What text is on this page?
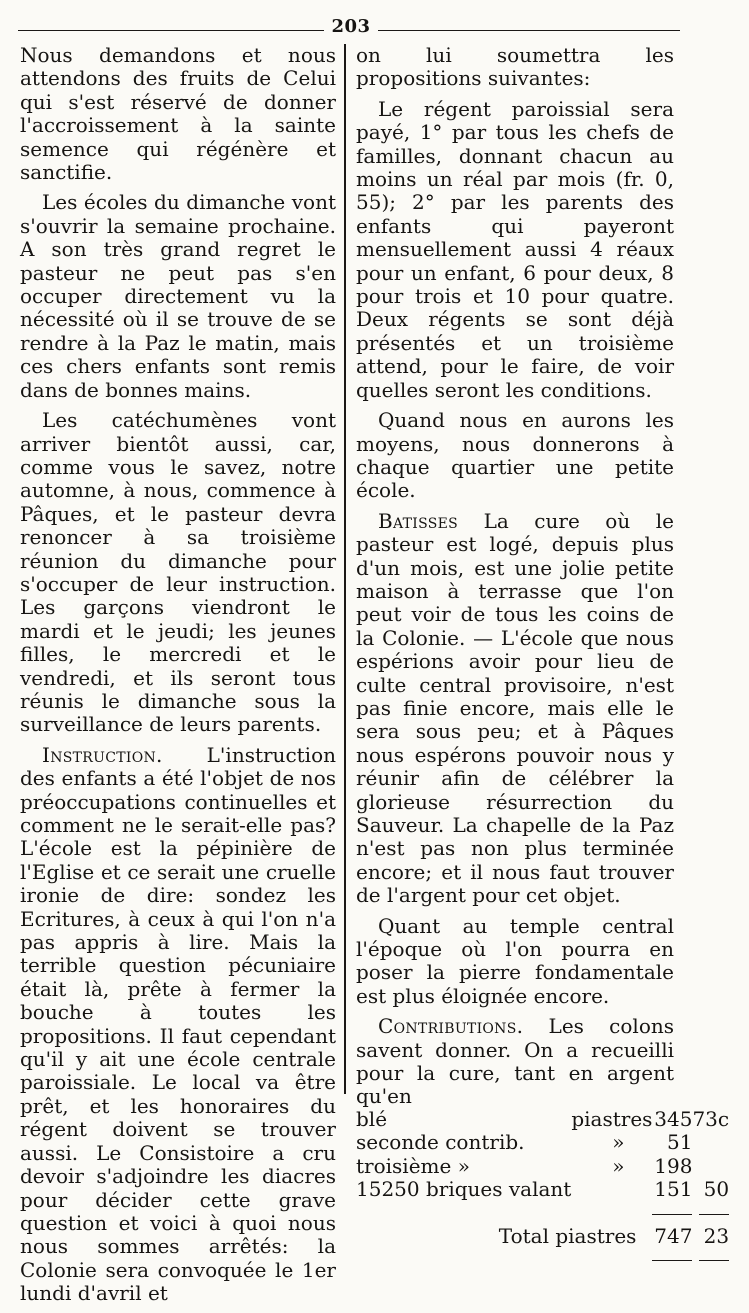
203

Nous demandons et nous attendons des fruits de Celui qui s'est réservé de donner l'accroissement à la sainte semence qui régénère et sanctifie.

Les écoles du dimanche vont s'ouvrir la semaine prochaine. A son très grand regret le pasteur ne peut pas s'en occuper directement vu la nécessité où il se trouve de se rendre à la Paz le matin, mais ces chers enfants sont remis dans de bonnes mains.

Les catéchumènes vont arriver bientôt aussi, car, comme vous le savez, notre automne, à nous, commence à Pâques, et le pasteur devra renoncer à sa troisième réunion du dimanche pour s'occuper de leur instruction. Les garçons viendront le mardi et le jeudi; les jeunes filles, le mercredi et le vendredi, et ils seront tous réunis le dimanche sous la surveillance de leurs parents.

Instruction. L'instruction des enfants a été l'objet de nos préoccupations continuelles et comment ne le serait-elle pas? L'école est la pépinière de l'Eglise et ce serait une cruelle ironie de dire: sondez les Ecritures, à ceux à qui l'on n'a pas appris à lire. Mais la terrible question pécuniaire était là, prête à fermer la bouche à toutes les propositions. Il faut cependant qu'il y ait une école centrale paroissiale. Le local va être prêt, et les honoraires du régent doivent se trouver aussi. Le Consistoire a cru devoir s'adjoindre les diacres pour décider cette grave question et voici à quoi nous nous sommes arrêtés: la Colonie sera convoquée le 1er lundi d'avril et

on lui soumettra les propositions suivantes:

Le régent paroissial sera payé, 1° par tous les chefs de familles, donnant chacun au moins un réal par mois (fr. 0, 55); 2° par les parents des enfants qui payeront mensuellement aussi 4 réaux pour un enfant, 6 pour deux, 8 pour trois et 10 pour quatre. Deux régents se sont déjà présentés et un troisième attend, pour le faire, de voir quelles seront les conditions.

Quand nous en aurons les moyens, nous donnerons à chaque quartier une petite école.

Batisses La cure où le pasteur est logé, depuis plus d'un mois, est une jolie petite maison à terrasse que l'on peut voir de tous les coins de la Colonie. — L'école que nous espérions avoir pour lieu de culte central provisoire, n'est pas finie encore, mais elle le sera sous peu; et à Pâques nous espérons pouvoir nous y réunir afin de célébrer la glorieuse résurrection du Sauveur. La chapelle de la Paz n'est pas non plus terminée encore; et il nous faut trouver de l'argent pour cet objet.

Quant au temple central l'époque où l'on pourra en poser la pierre fondamentale est plus éloignée encore.

Contributions. Les colons savent donner. On a recueilli pour la cure, tant en argent qu'en

blé	piastres	345	73c
seconde contrib.	»	51	
troisième »	»	198	
15250 briques valant		151	50

Total piastres		747	23
